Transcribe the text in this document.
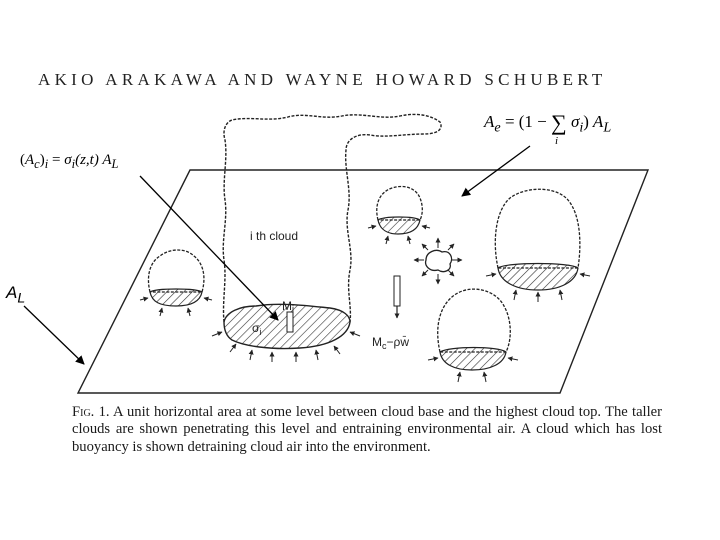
AKIO ARAKAWA AND WAYNE HOWARD SCHUBERT
i th cloud
Mi
$\sigma_i$
$M_c-\rho w̄$
$A_e = (1$ − ∑
i
$\sigma_i$) $A_L$
$(A_c)_i = \sigma_i(z,t)$ $A_L$
$A_L$
Fig. 1. A unit horizontal area at some level between cloud base and the highest cloud top. The taller clouds are shown penetrating this level and entraining environmental air. A cloud which has lost buoyancy is shown detraining cloud air into the environment.
